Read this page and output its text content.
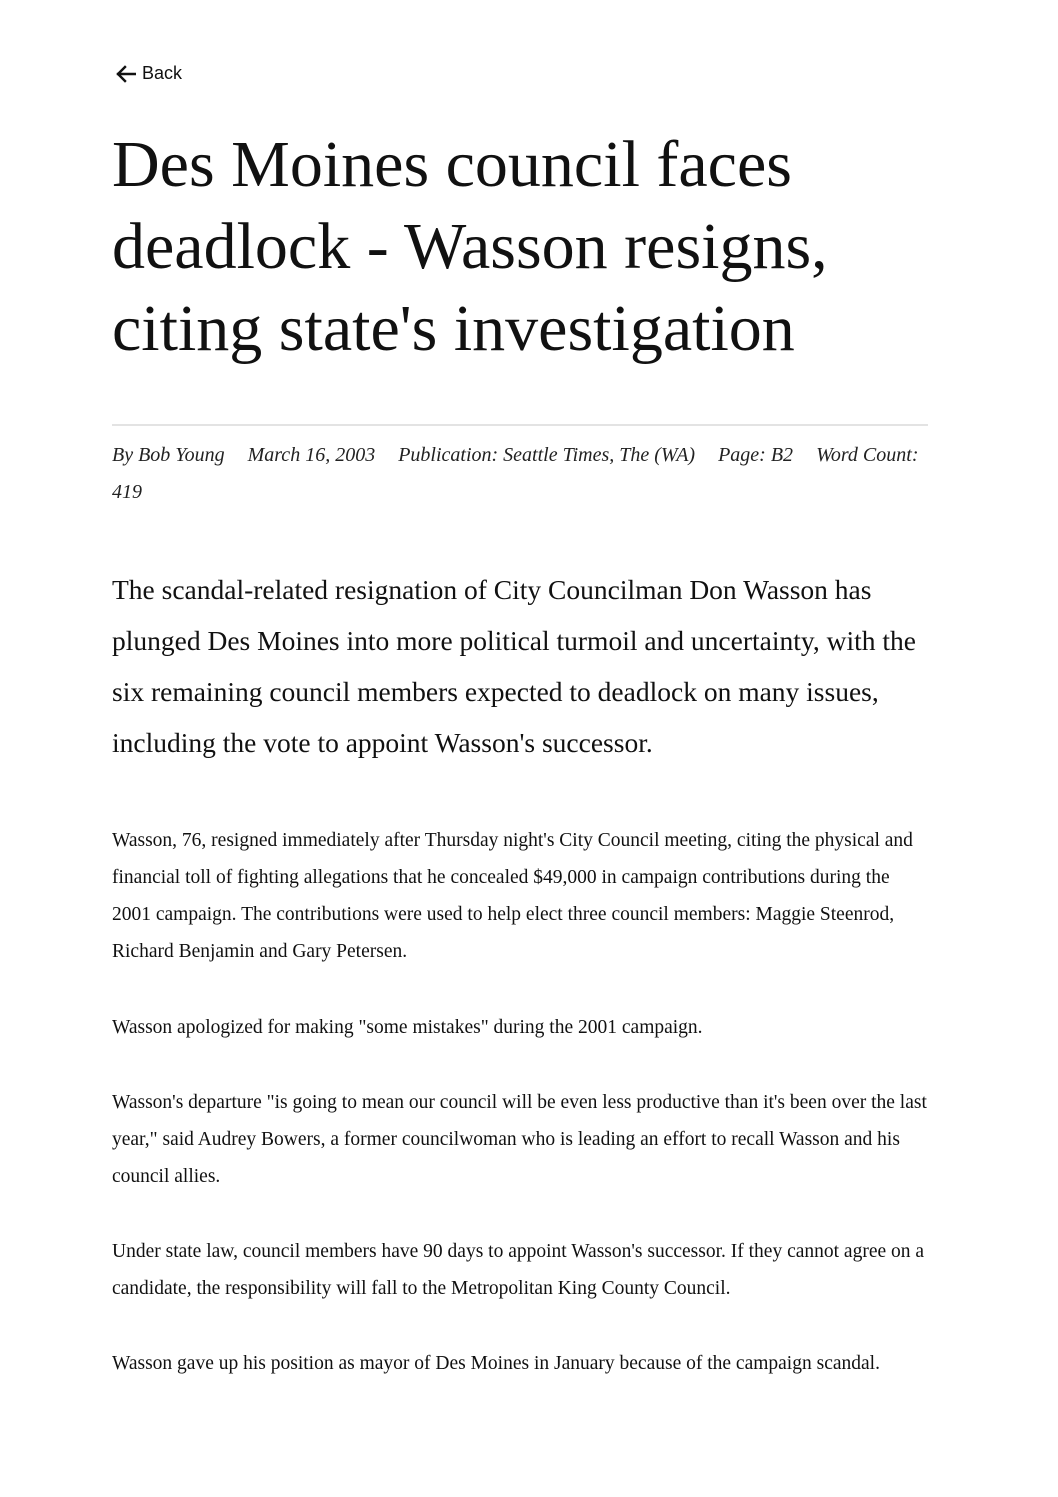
Back
Des Moines council faces deadlock - Wasson resigns, citing state's investigation
By Bob Young March 16, 2003 Publication: Seattle Times, The (WA) Page: B2 Word Count: 419

The scandal-related resignation of City Councilman Don Wasson has plunged Des Moines into more political turmoil and uncertainty, with the six remaining council members expected to deadlock on many issues, including the vote to appoint Wasson's successor.

Wasson, 76, resigned immediately after Thursday night's City Council meeting, citing the physical and financial toll of fighting allegations that he concealed $49,000 in campaign contributions during the 2001 campaign. The contributions were used to help elect three council members: Maggie Steenrod, Richard Benjamin and Gary Petersen.

Wasson apologized for making "some mistakes" during the 2001 campaign.

Wasson's departure "is going to mean our council will be even less productive than it's been over the last year," said Audrey Bowers, a former councilwoman who is leading an effort to recall Wasson and his council allies.

Under state law, council members have 90 days to appoint Wasson's successor. If they cannot agree on a candidate, the responsibility will fall to the Metropolitan King County Council.

Wasson gave up his position as mayor of Des Moines in January because of the campaign scandal.
